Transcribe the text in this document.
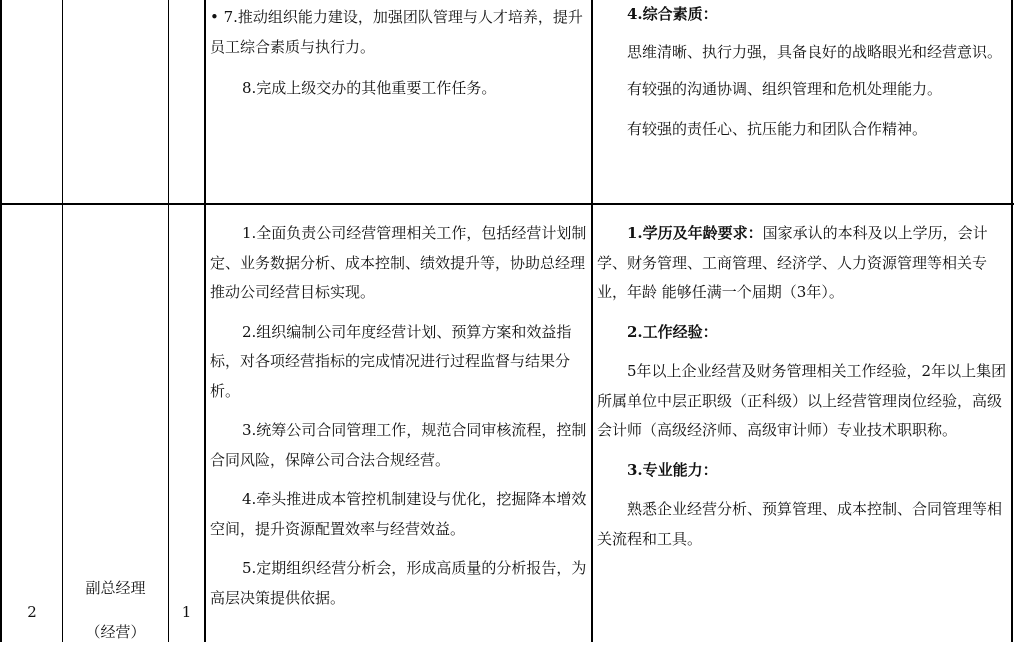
• 7.推动组织能力建设，加强团队管理与人才培养，提升员工综合素质与执行力。

8.完成上级交办的其他重要工作任务。

4.综合素质：

思维清晰、执行力强，具备良好的战略眼光和经营意识。

有较强的沟通协调、组织管理和危机处理能力。

有较强的责任心、抗压能力和团队合作精神。

2
副总经理
（经营）
1

1.全面负责公司经营管理相关工作，包括经营计划制定、业务数据分析、成本控制、绩效提升等，协助总经理推动公司经营目标实现。

2.组织编制公司年度经营计划、预算方案和效益指标，对各项经营指标的完成情况进行过程监督与结果分析。

3.统筹公司合同管理工作，规范合同审核流程，控制合同风险，保障公司合法合规经营。

4.牵头推进成本管控机制建设与优化，挖掘降本增效空间，提升资源配置效率与经营效益。

5.定期组织经营分析会，形成高质量的分析报告，为高层决策提供依据。

1.学历及年龄要求：国家承认的本科及以上学历，会计学、财务管理、工商管理、经济学、人力资源管理等相关专业，年龄 能够任满一个届期（3年）。

2.工作经验：

5年以上企业经营及财务管理相关工作经验，2年以上集团所属单位中层正职级（正科级）以上经营管理岗位经验，高级会计师（高级经济师、高级审计师）专业技术职职称。

3.专业能力：

熟悉企业经营分析、预算管理、成本控制、合同管理等相关流程和工具。
